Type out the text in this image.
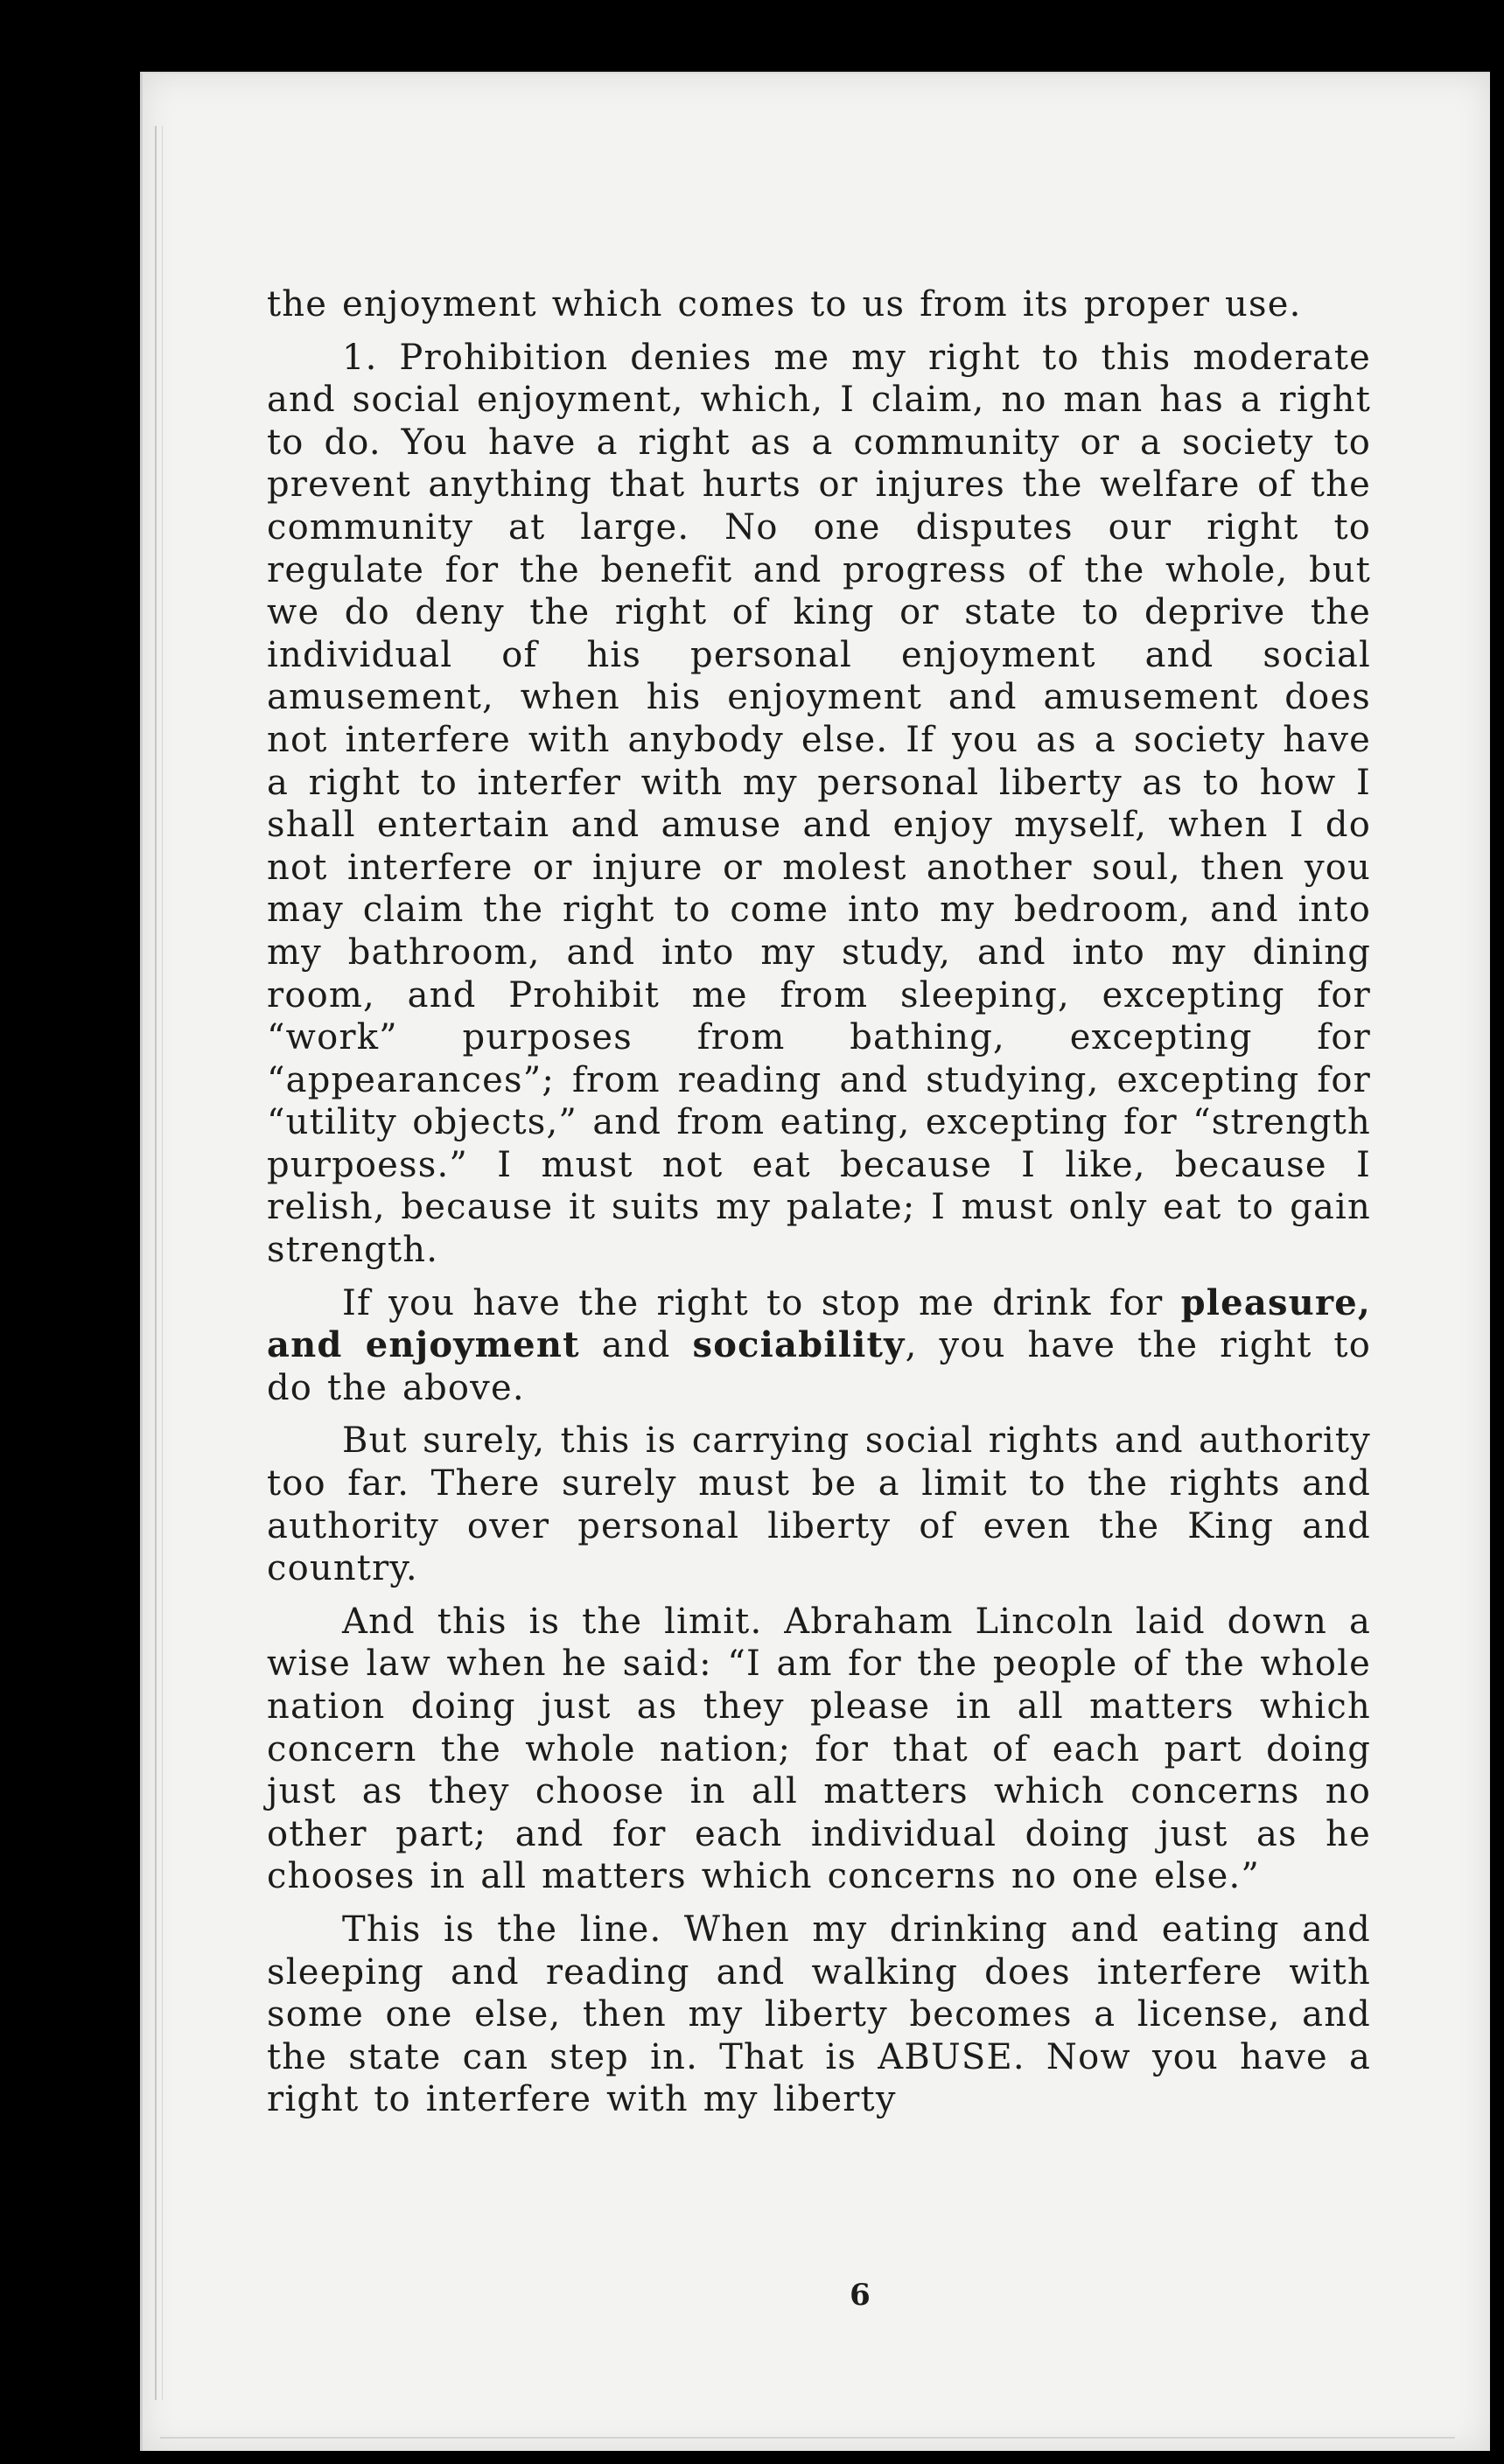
the enjoyment which comes to us from its proper use.

1. Prohibition denies me my right to this moderate and social enjoyment, which, I claim, no man has a right to do. You have a right as a community or a society to prevent anything that hurts or injures the welfare of the community at large. No one disputes our right to regulate for the benefit and progress of the whole, but we do deny the right of king or state to deprive the individual of his personal enjoyment and social amusement, when his enjoyment and amusement does not interfere with anybody else. If you as a society have a right to interfer with my personal liberty as to how I shall entertain and amuse and enjoy myself, when I do not interfere or injure or molest another soul, then you may claim the right to come into my bedroom, and into my bathroom, and into my study, and into my dining room, and Prohibit me from sleeping, excepting for “work” purposes from bathing, excepting for “appearances”; from reading and studying, excepting for “utility objects,” and from eating, excepting for “strength purpoess.” I must not eat because I like, because I relish, because it suits my palate; I must only eat to gain strength.

If you have the right to stop me drink for pleasure, and enjoyment and sociability, you have the right to do the above.

But surely, this is carrying social rights and authority too far. There surely must be a limit to the rights and authority over personal liberty of even the King and country.

And this is the limit. Abraham Lincoln laid down a wise law when he said: “I am for the people of the whole nation doing just as they please in all matters which concern the whole nation; for that of each part doing just as they choose in all matters which concerns no other part; and for each individual doing just as he chooses in all matters which concerns no one else.”

This is the line. When my drinking and eating and sleeping and reading and walking does interfere with some one else, then my liberty becomes a license, and the state can step in. That is ABUSE. Now you have a right to interfere with my liberty

6
